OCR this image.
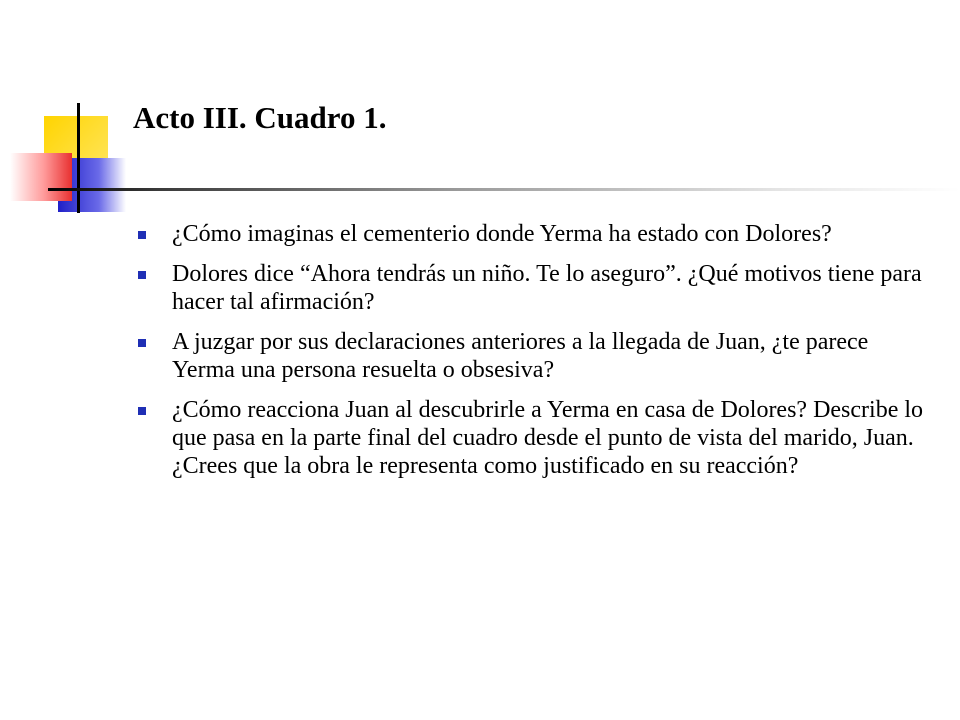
Acto III. Cuadro 1.
¿Cómo imaginas el cementerio donde Yerma ha estado con Dolores?
Dolores dice “Ahora tendrás un niño. Te lo aseguro”. ¿Qué motivos tiene para hacer tal afirmación?
A juzgar por sus declaraciones anteriores a la llegada de Juan, ¿te parece Yerma una persona resuelta o obsesiva?
¿Cómo reacciona Juan al descubrirle a Yerma en casa de Dolores? Describe lo que pasa en la parte final del cuadro desde el punto de vista del marido, Juan. ¿Crees que la obra le representa como justificado en su reacción?
